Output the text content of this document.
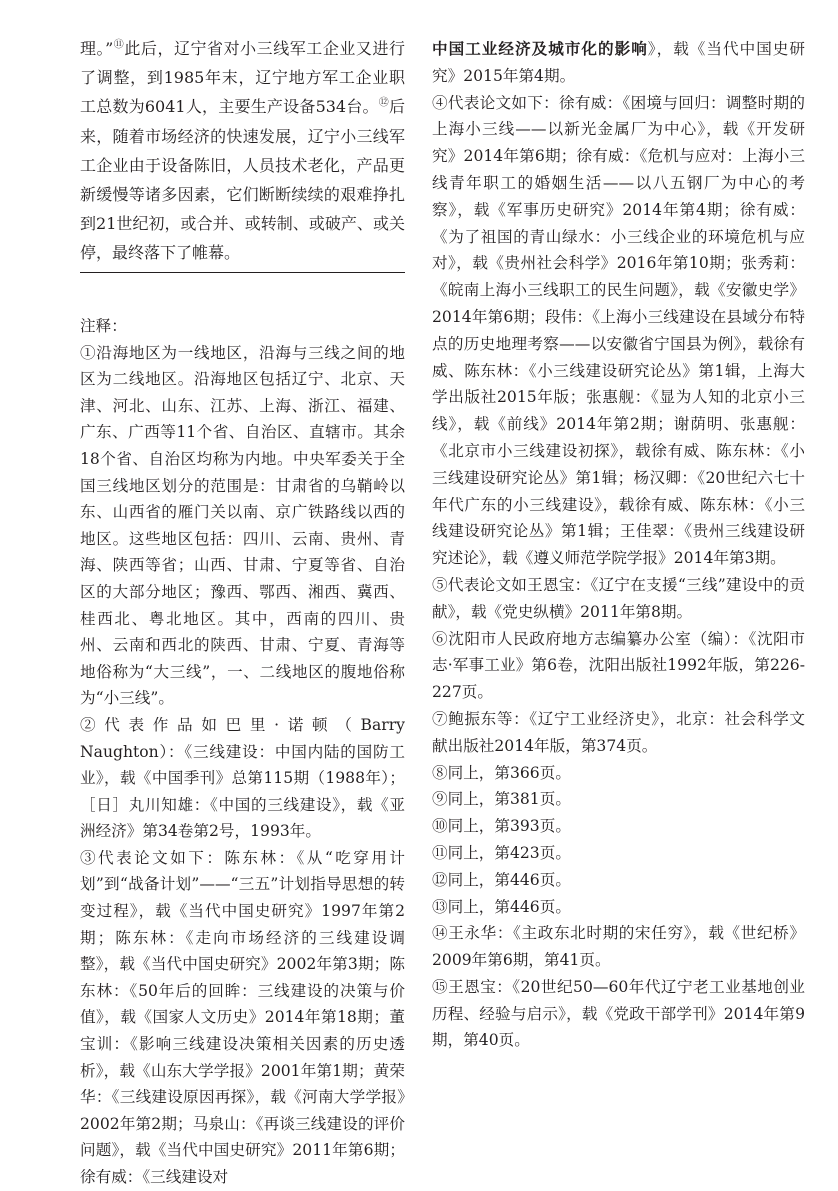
理。”⑪此后，辽宁省对小三线军工企业又进行了调整，到1985年末，辽宁地方军工企业职工总数为6041人，主要生产设备534台。⑫后来，随着市场经济的快速发展，辽宁小三线军工企业由于设备陈旧，人员技术老化，产品更新缓慢等诸多因素，它们断断续续的艰难挣扎到21世纪初，或合并、或转制、或破产、或关停，最终落下了帷幕。

注释：

①沿海地区为一线地区，沿海与三线之间的地区为二线地区。沿海地区包括辽宁、北京、天津、河北、山东、江苏、上海、浙江、福建、广东、广西等11个省、自治区、直辖市。其余18个省、自治区均称为内地。中央军委关于全国三线地区划分的范围是：甘肃省的乌鞘岭以东、山西省的雁门关以南、京广铁路线以西的地区。这些地区包括：四川、云南、贵州、青海、陕西等省；山西、甘肃、宁夏等省、自治区的大部分地区；豫西、鄂西、湘西、冀西、桂西北、粤北地区。其中，西南的四川、贵州、云南和西北的陕西、甘肃、宁夏、青海等地俗称为“大三线”，一、二线地区的腹地俗称为“小三线”。

②代表作品如巴里·诺顿（Barry Naughton）：《三线建设：中国内陆的国防工业》，载《中国季刊》总第115期（1988年）；［日］丸川知雄：《中国的三线建设》，载《亚洲经济》第34卷第2号，1993年。

③代表论文如下：陈东林：《从“吃穿用计划”到“战备计划”——“三五”计划指导思想的转变过程》，载《当代中国史研究》1997年第2期；陈东林：《走向市场经济的三线建设调整》，载《当代中国史研究》2002年第3期；陈东林：《50年后的回眸：三线建设的决策与价值》，载《国家人文历史》2014年第18期；董宝训：《影响三线建设决策相关因素的历史透析》，载《山东大学学报》2001年第1期；黄荣华：《三线建设原因再探》，载《河南大学学报》2002年第2期；马泉山：《再谈三线建设的评价问题》，载《当代中国史研究》2011年第6期；徐有威：《三线建设对

中国工业经济及城市化的影响》，载《当代中国史研究》2015年第4期。

④代表论文如下：徐有威：《困境与回归：调整时期的上海小三线——以新光金属厂为中心》，载《开发研究》2014年第6期；徐有威：《危机与应对：上海小三线青年职工的婚姻生活——以八五钢厂为中心的考察》，载《军事历史研究》2014年第4期；徐有威：《为了祖国的青山绿水：小三线企业的环境危机与应对》，载《贵州社会科学》2016年第10期；张秀莉：《皖南上海小三线职工的民生问题》，载《安徽史学》2014年第6期；段伟：《上海小三线建设在县域分布特点的历史地理考察——以安徽省宁国县为例》，载徐有威、陈东林：《小三线建设研究论丛》第1辑，上海大学出版社2015年版；张惠舰：《显为人知的北京小三线》，载《前线》2014年第2期；谢荫明、张惠舰：《北京市小三线建设初探》，载徐有威、陈东林：《小三线建设研究论丛》第1辑；杨汉卿：《20世纪六七十年代广东的小三线建设》，载徐有威、陈东林：《小三线建设研究论丛》第1辑；王佳翠：《贵州三线建设研究述论》，载《遵义师范学院学报》2014年第3期。

⑤代表论文如王恩宝：《辽宁在支援“三线”建设中的贡献》，载《党史纵横》2011年第8期。

⑥沈阳市人民政府地方志编纂办公室（编）：《沈阳市志·军事工业》第6卷，沈阳出版社1992年版，第226-227页。

⑦鲍振东等：《辽宁工业经济史》，北京：社会科学文献出版社2014年版，第374页。

⑧同上，第366页。

⑨同上，第381页。

⑩同上，第393页。

⑪同上，第423页。

⑫同上，第446页。

⑬同上，第446页。

⑭王永华：《主政东北时期的宋任穷》，载《世纪桥》2009年第6期，第41页。

⑮王恩宝：《20世纪50—60年代辽宁老工业基地创业历程、经验与启示》，载《党政干部学刊》2014年第9期，第40页。
